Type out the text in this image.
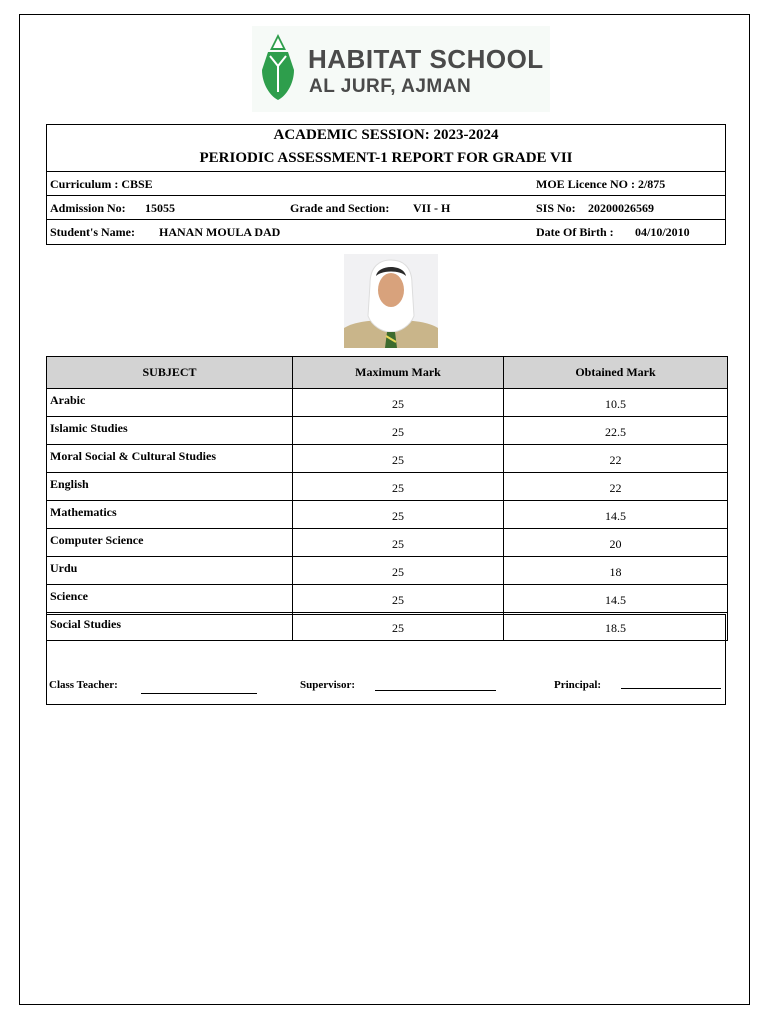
HABITAT SCHOOL
AL JURF, AJMAN
ACADEMIC SESSION: 2023-2024
PERIODIC ASSESSMENT-1 REPORT FOR GRADE VII
Curriculum : CBSE	MOE Licence NO : 2/875
Admission No: 15055	Grade and Section: VII - H	SIS No: 20200026569
Student's Name: HANAN MOULA DAD	Date Of Birth : 04/10/2010
SUBJECT	Maximum Mark	Obtained Mark
Arabic	25	10.5
Islamic Studies	25	22.5
Moral Social & Cultural Studies	25	22
English	25	22
Mathematics	25	14.5
Computer Science	25	20
Urdu	25	18
Science	25	14.5
Social Studies	25	18.5
Class Teacher:	Supervisor:	Principal:
